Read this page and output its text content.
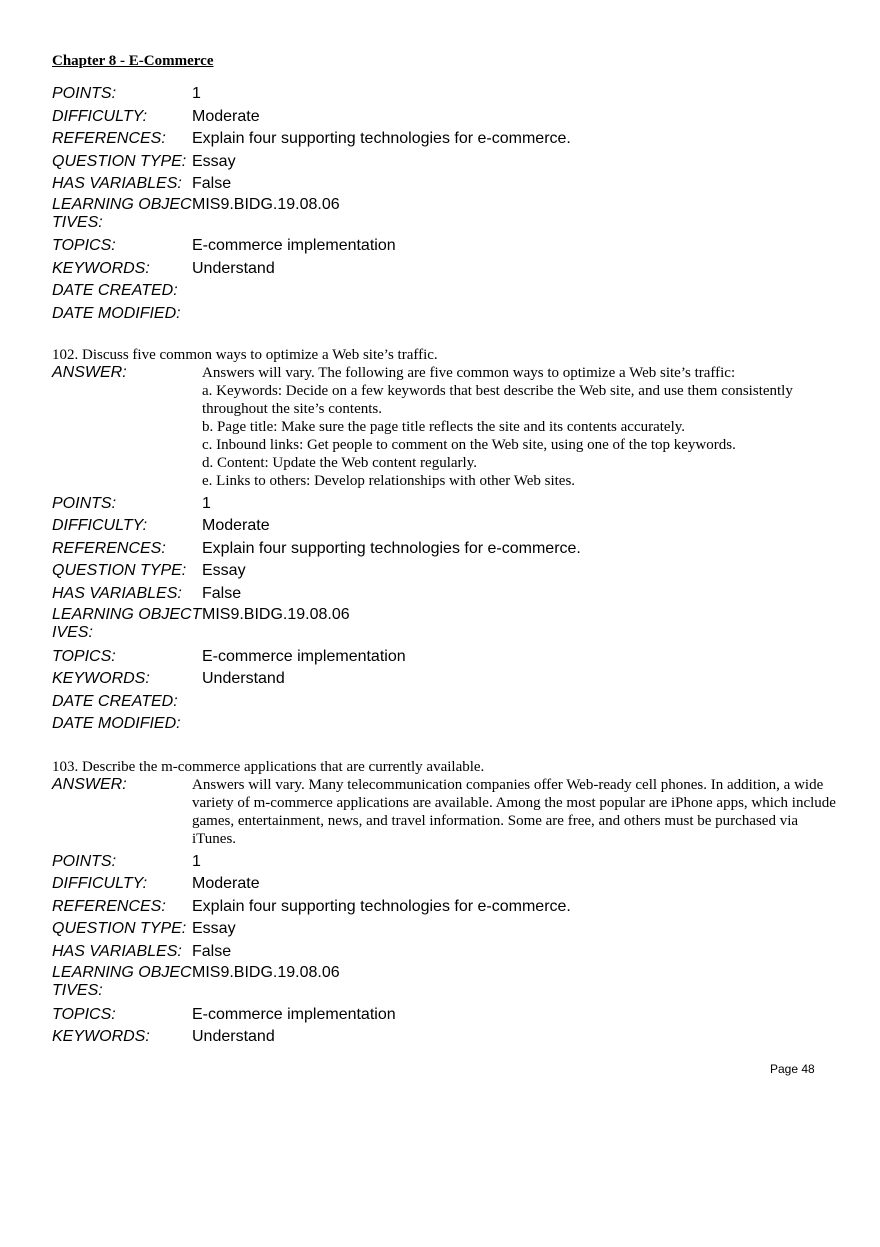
Chapter 8 - E-Commerce
POINTS:	1
DIFFICULTY:	Moderate
REFERENCES:	Explain four supporting technologies for e-commerce.
QUESTION TYPE: Essay
HAS VARIABLES: False
LEARNING OBJEC
TIVES:
MIS9.BIDG.19.08.06
TOPICS:	E-commerce implementation
KEYWORDS:	Understand
DATE CREATED:
DATE MODIFIED:
102. Discuss five common ways to optimize a Web site’s traffic.
ANSWER:	Answers will vary. The following are five common ways to optimize a Web site’s traffic:

a. Keywords: Decide on a few keywords that best describe the Web site, and use them consistently throughout the site’s contents.

b. Page title: Make sure the page title reflects the site and its contents accurately.

c. Inbound links: Get people to comment on the Web site, using one of the top keywords.

d. Content: Update the Web content regularly.

e. Links to others: Develop relationships with other Web sites.

POINTS:	1
DIFFICULTY:	Moderate
REFERENCES:	Explain four supporting technologies for e-commerce.
QUESTION TYPE: Essay
HAS VARIABLES:	False
LEARNING OBJECT
IVES:
MIS9.BIDG.19.08.06
TOPICS:	E-commerce implementation
KEYWORDS:	Understand
DATE CREATED:
DATE MODIFIED:
103. Describe the m-commerce applications that are currently available.
ANSWER:	Answers will vary. Many telecommunication companies offer Web-ready cell phones. In addition, a wide variety of m-commerce applications are available. Among the most popular are iPhone apps, which include games, entertainment, news, and travel information. Some are free, and others must be purchased via iTunes.

POINTS:	1
DIFFICULTY:	Moderate
REFERENCES:	Explain four supporting technologies for e-commerce.
QUESTION TYPE: Essay
HAS VARIABLES: False
LEARNING OBJEC
TIVES:
MIS9.BIDG.19.08.06
TOPICS:	E-commerce implementation
KEYWORDS:	Understand
Page 48
